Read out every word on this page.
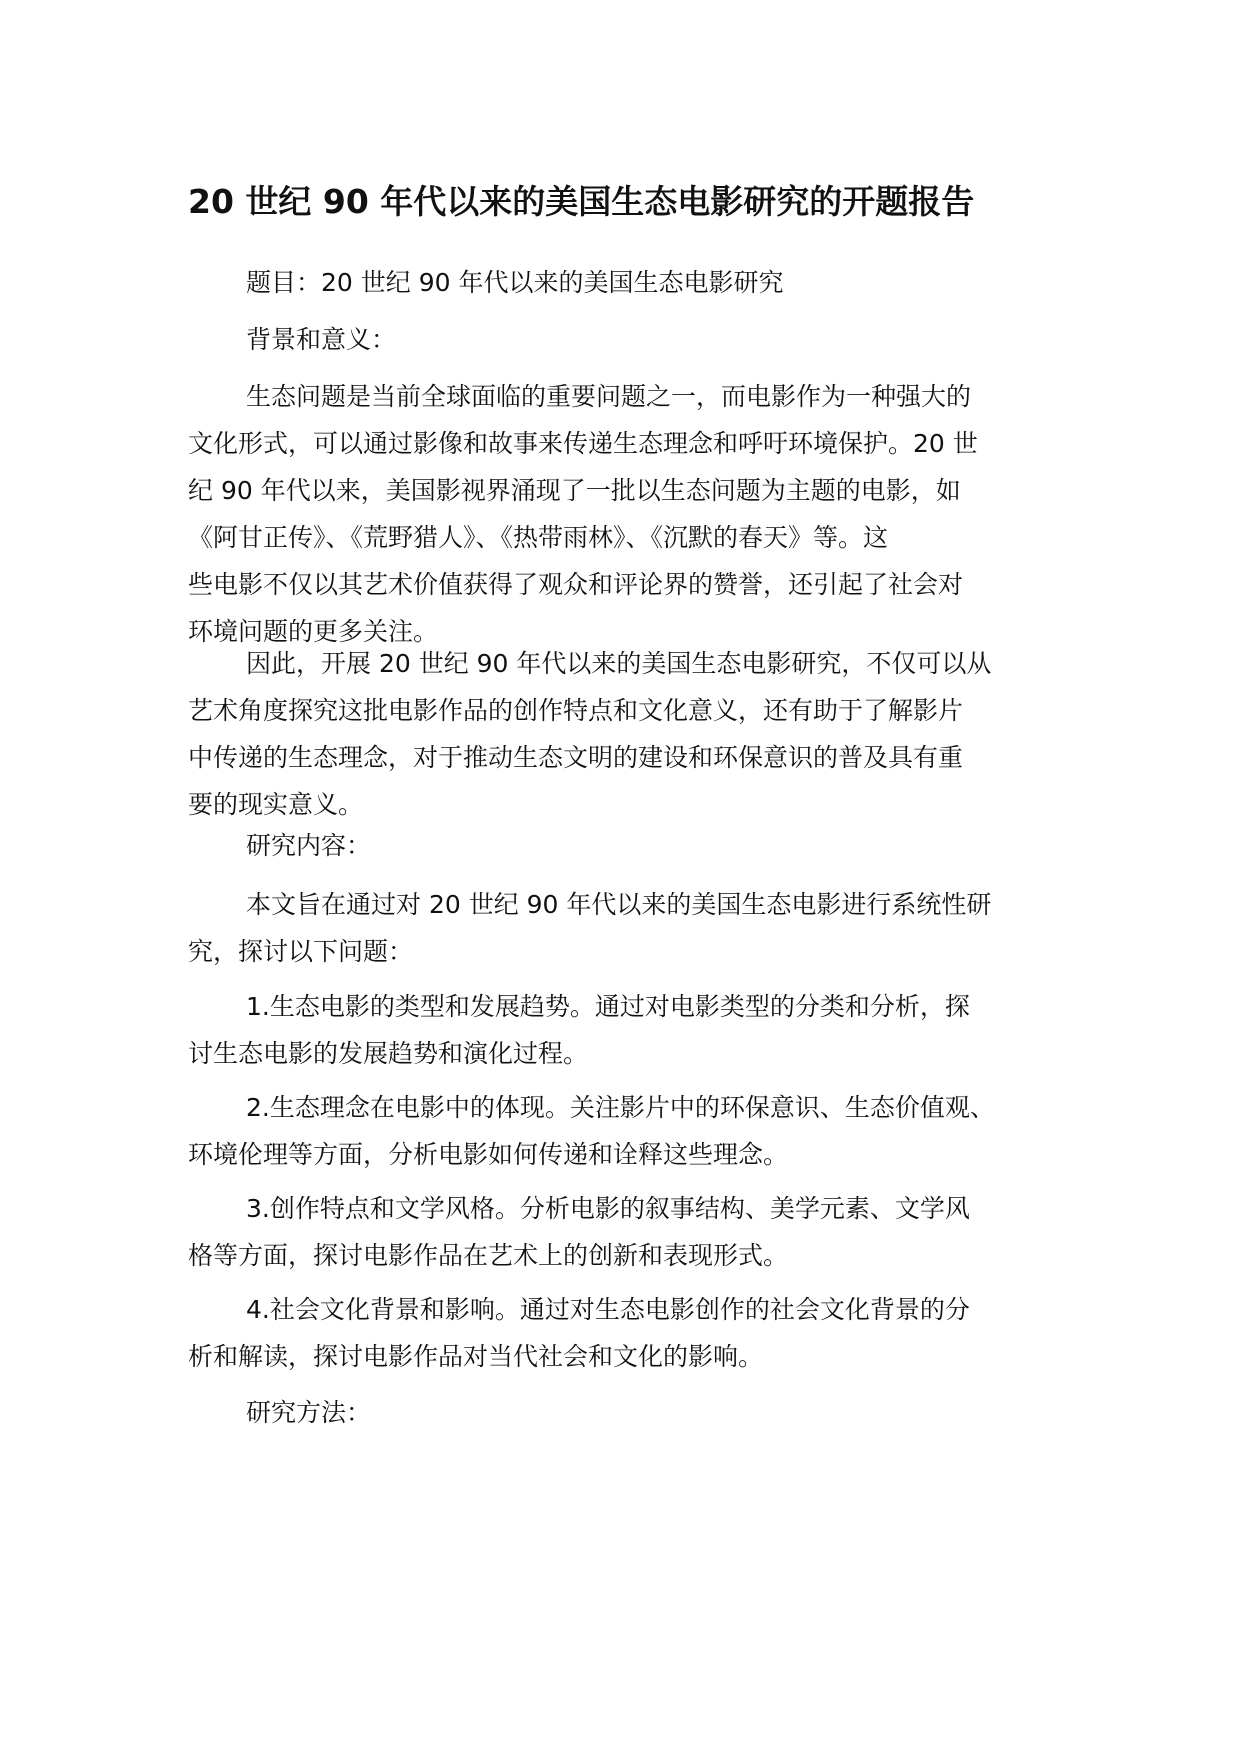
20 世纪 90 年代以来的美国生态电影研究的开题报告

题目：20 世纪 90 年代以来的美国生态电影研究

背景和意义：

生态问题是当前全球面临的重要问题之一，而电影作为一种强大的
文化形式，可以通过影像和故事来传递生态理念和呼吁环境保护。20 世
纪 90 年代以来，美国影视界涌现了一批以生态问题为主题的电影，如
《阿甘正传》、《荒野猎人》、《热带雨林》、《沉默的春天》等。这
些电影不仅以其艺术价值获得了观众和评论界的赞誉，还引起了社会对
环境问题的更多关注。

因此，开展 20 世纪 90 年代以来的美国生态电影研究，不仅可以从
艺术角度探究这批电影作品的创作特点和文化意义，还有助于了解影片
中传递的生态理念，对于推动生态文明的建设和环保意识的普及具有重
要的现实意义。

研究内容：

本文旨在通过对 20 世纪 90 年代以来的美国生态电影进行系统性研
究，探讨以下问题：

1.生态电影的类型和发展趋势。通过对电影类型的分类和分析，探
讨生态电影的发展趋势和演化过程。

2.生态理念在电影中的体现。关注影片中的环保意识、生态价值观、
环境伦理等方面，分析电影如何传递和诠释这些理念。

3.创作特点和文学风格。分析电影的叙事结构、美学元素、文学风
格等方面，探讨电影作品在艺术上的创新和表现形式。

4.社会文化背景和影响。通过对生态电影创作的社会文化背景的分
析和解读，探讨电影作品对当代社会和文化的影响。

研究方法：
